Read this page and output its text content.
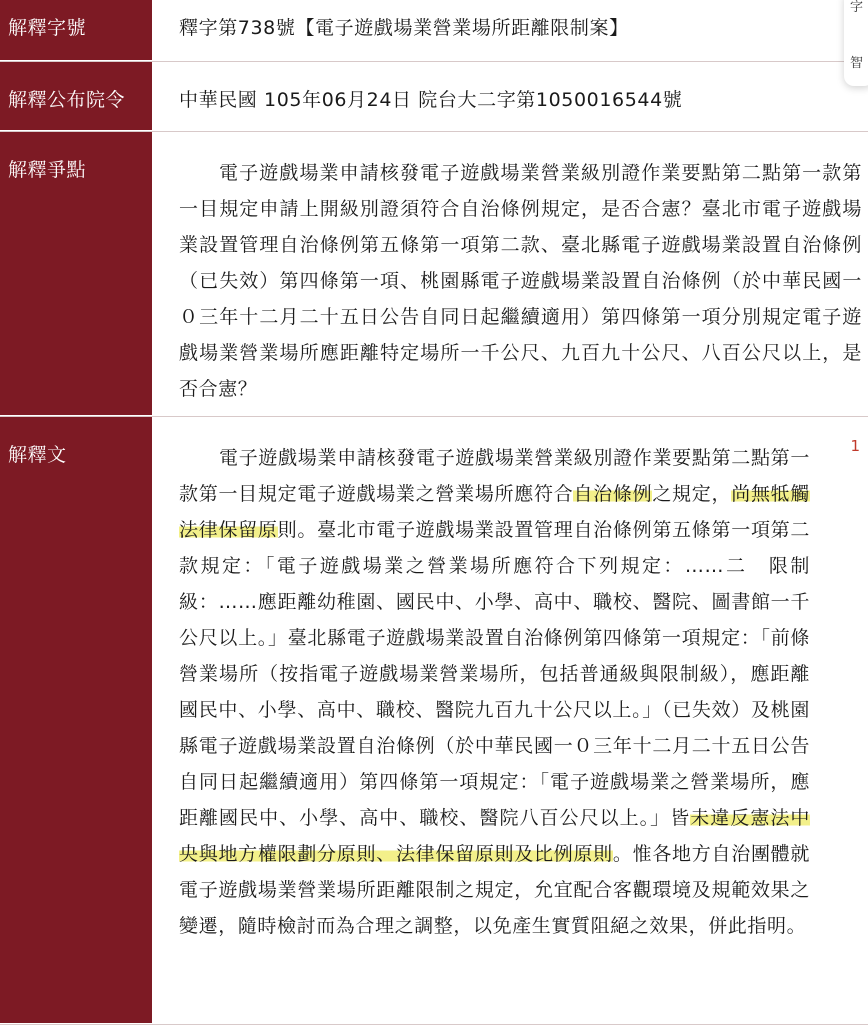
解釋字號	釋字第738號【電子遊戲場業營業場所距離限制案】
解釋公布院令	中華民國 105年06月24日 院台大二字第1050016544號
解釋爭點	電子遊戲場業申請核發電子遊戲場業營業級別證作業要點第二點第一款第一目規定申請上開級別證須符合自治條例規定，是否合憲？臺北市電子遊戲場業設置管理自治條例第五條第一項第二款、臺北縣電子遊戲場業設置自治條例（已失效）第四條第一項、桃園縣電子遊戲場業設置自治條例（於中華民國一０三年十二月二十五日公告自同日起繼續適用）第四條第一項分別規定電子遊戲場業營業場所應距離特定場所一千公尺、九百九十公尺、八百公尺以上，是否合憲？
解釋文	電子遊戲場業申請核發電子遊戲場業營業級別證作業要點第二點第一款第一目規定電子遊戲場業之營業場所應符合自治條例之規定，尚無牴觸法律保留原則。臺北市電子遊戲場業設置管理自治條例第五條第一項第二款規定：「電子遊戲場業之營業場所應符合下列規定：……二　限制級：……應距離幼稚園、國民中、小學、高中、職校、醫院、圖書館一千公尺以上。」臺北縣電子遊戲場業設置自治條例第四條第一項規定：「前條營業場所（按指電子遊戲場業營業場所，包括普通級與限制級），應距離國民中、小學、高中、職校、醫院九百九十公尺以上。」（已失效）及桃園縣電子遊戲場業設置自治條例（於中華民國一０三年十二月二十五日公告自同日起繼續適用）第四條第一項規定：「電子遊戲場業之營業場所，應距離國民中、小學、高中、職校、醫院八百公尺以上。」皆未違反憲法中央與地方權限劃分原則、法律保留原則及比例原則。惟各地方自治團體就電子遊戲場業營業場所距離限制之規定，允宜配合客觀環境及規範效果之變遷，隨時檢討而為合理之調整，以免產生實質阻絕之效果，併此指明。
1
字
智
